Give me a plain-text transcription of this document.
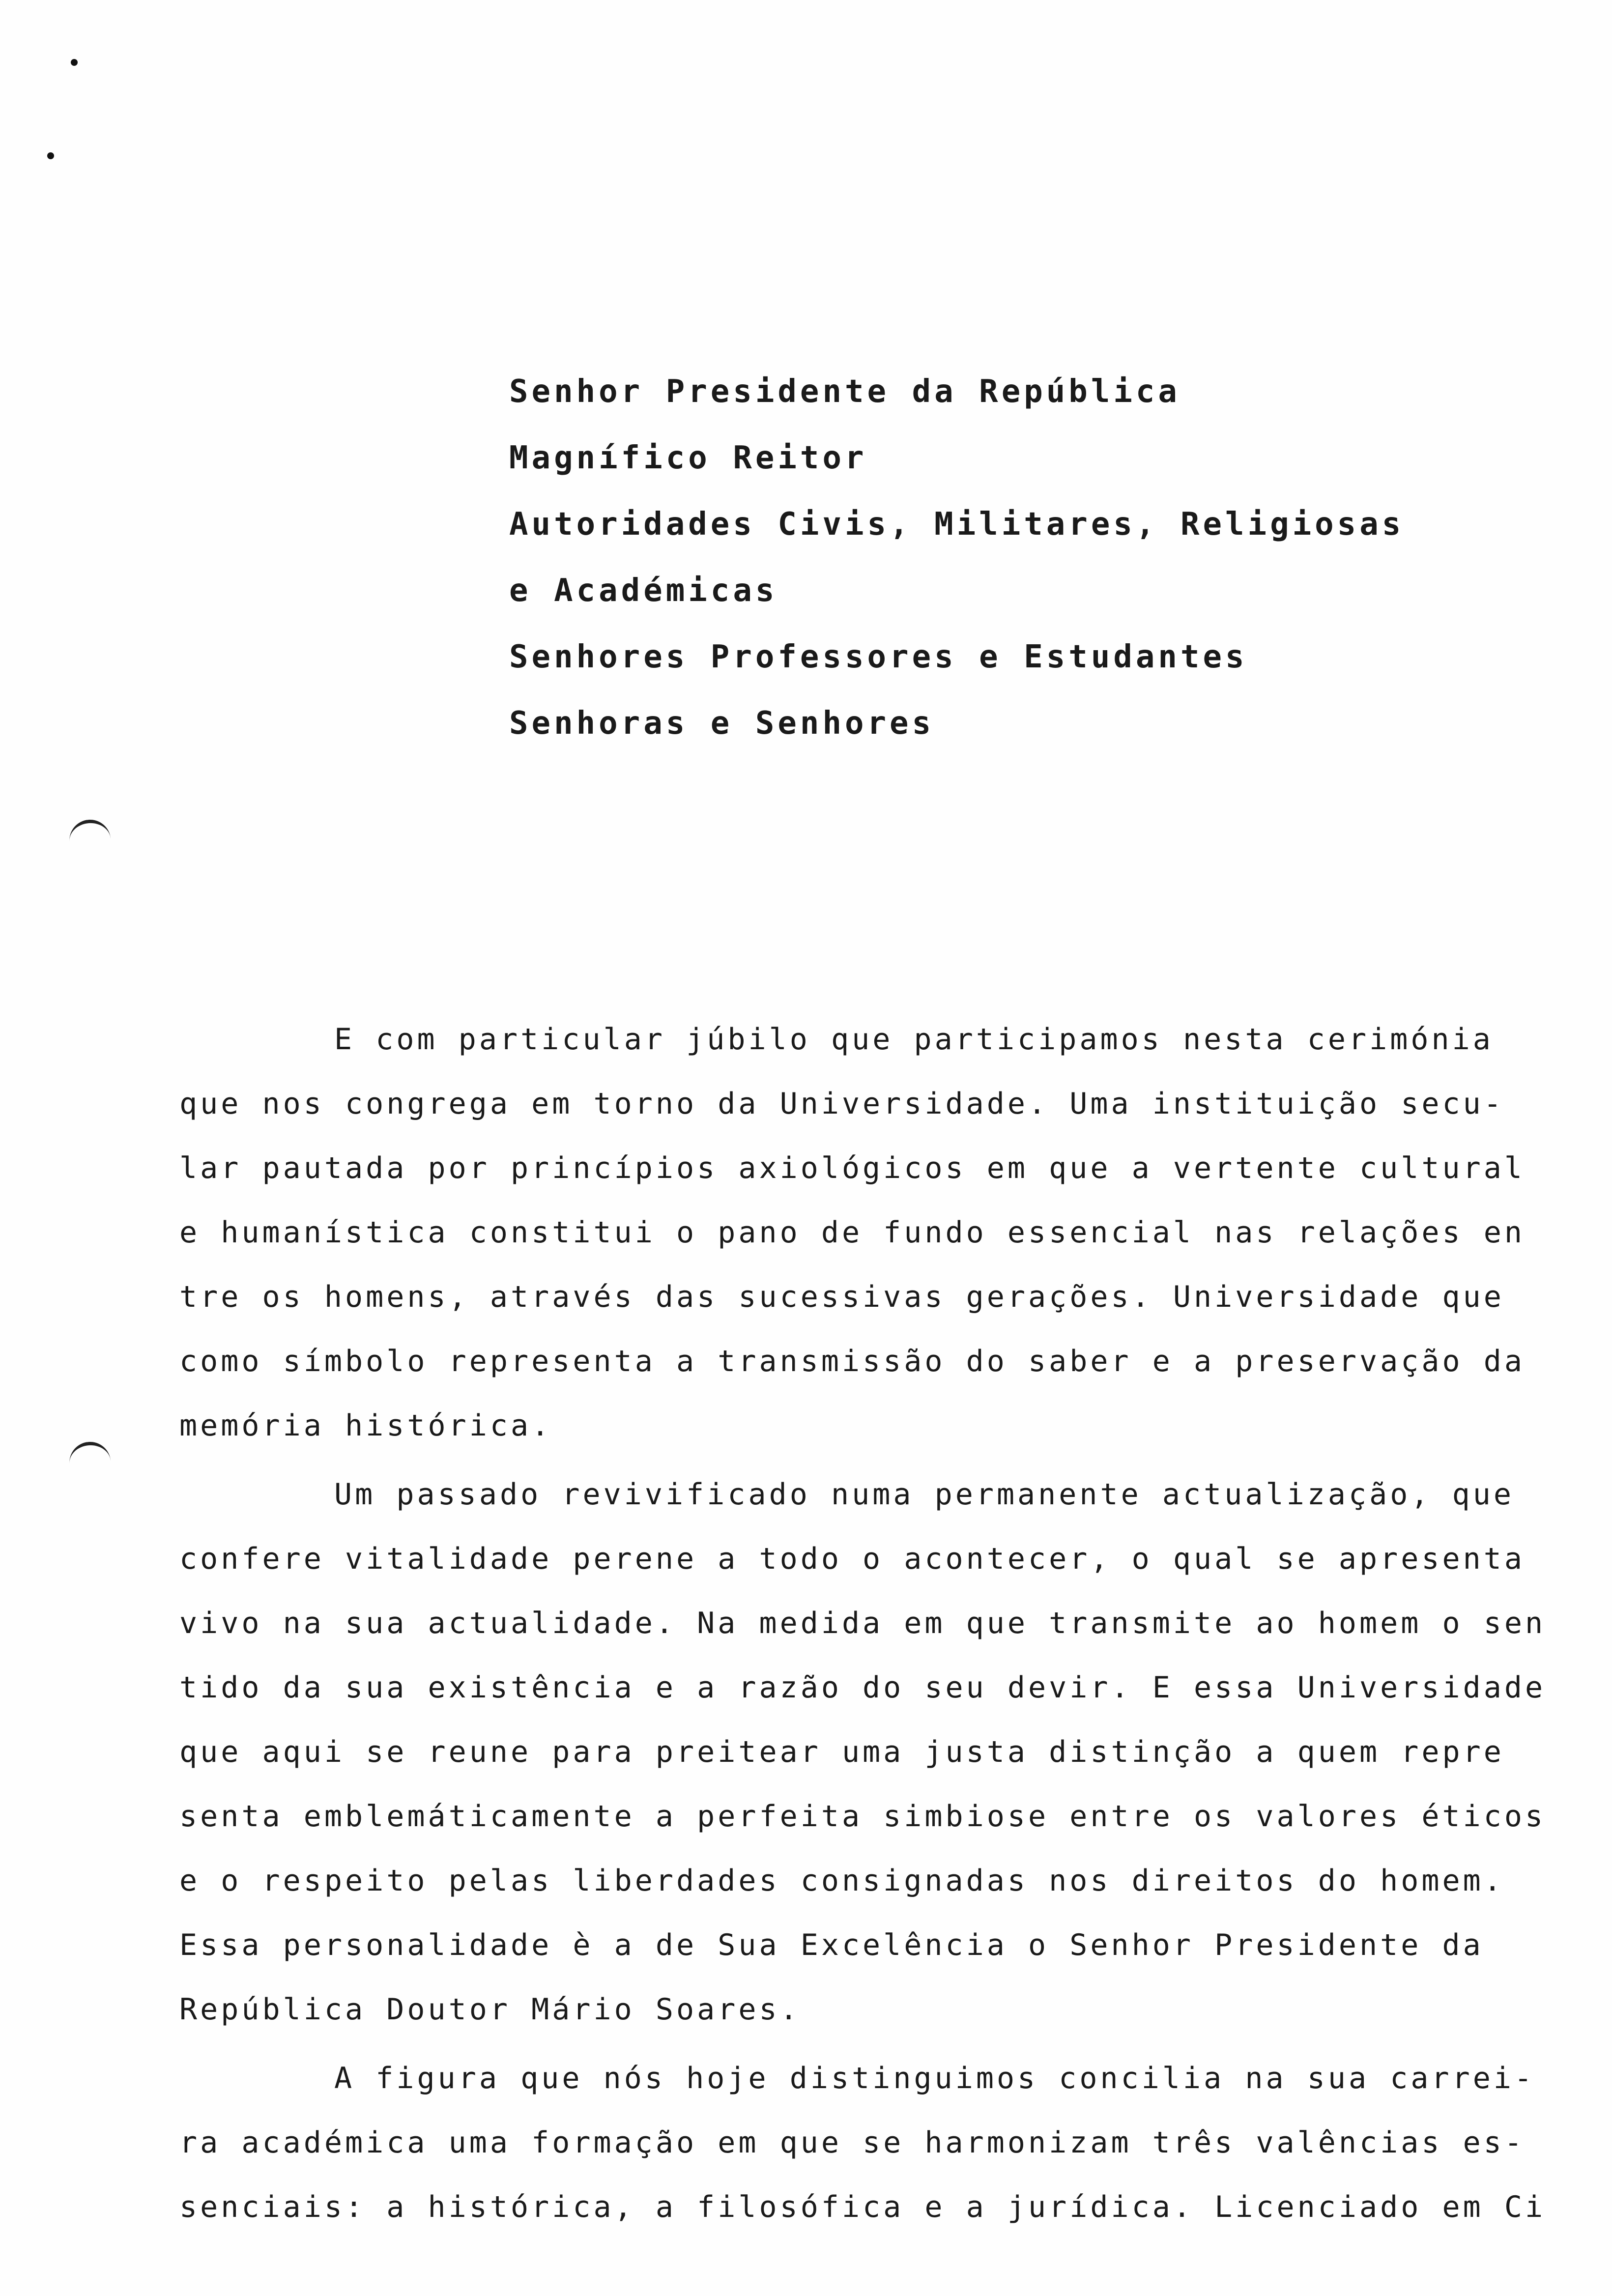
Senhor Presidente da República
Magnífico Reitor
Autoridades Civis, Militares, Religiosas
e Académicas
Senhores Professores e Estudantes
Senhoras e Senhores
E com particular júbilo que participamos nesta cerimónia
que nos congrega em torno da Universidade. Uma instituição secu-
lar pautada por princípios axiológicos em que a vertente cultural
e humanística constitui o pano de fundo essencial nas relações en
tre os homens, através das sucessivas gerações. Universidade que
como símbolo representa a transmissão do saber e a preservação da
memória histórica.
Um passado revivificado numa permanente actualização, que
confere vitalidade perene a todo o acontecer, o qual se apresenta
vivo na sua actualidade. Na medida em que transmite ao homem o sen
tido da sua existência e a razão do seu devir. E essa Universidade
que aqui se reune para preitear uma justa distinção a quem repre
senta emblemáticamente a perfeita simbiose entre os valores éticos
e o respeito pelas liberdades consignadas nos direitos do homem.
Essa personalidade è a de Sua Excelência o Senhor Presidente da
República Doutor Mário Soares.
A figura que nós hoje distinguimos concilia na sua carrei-
ra académica uma formação em que se harmonizam três valências es-
senciais: a histórica, a filosófica e a jurídica. Licenciado em Ci
